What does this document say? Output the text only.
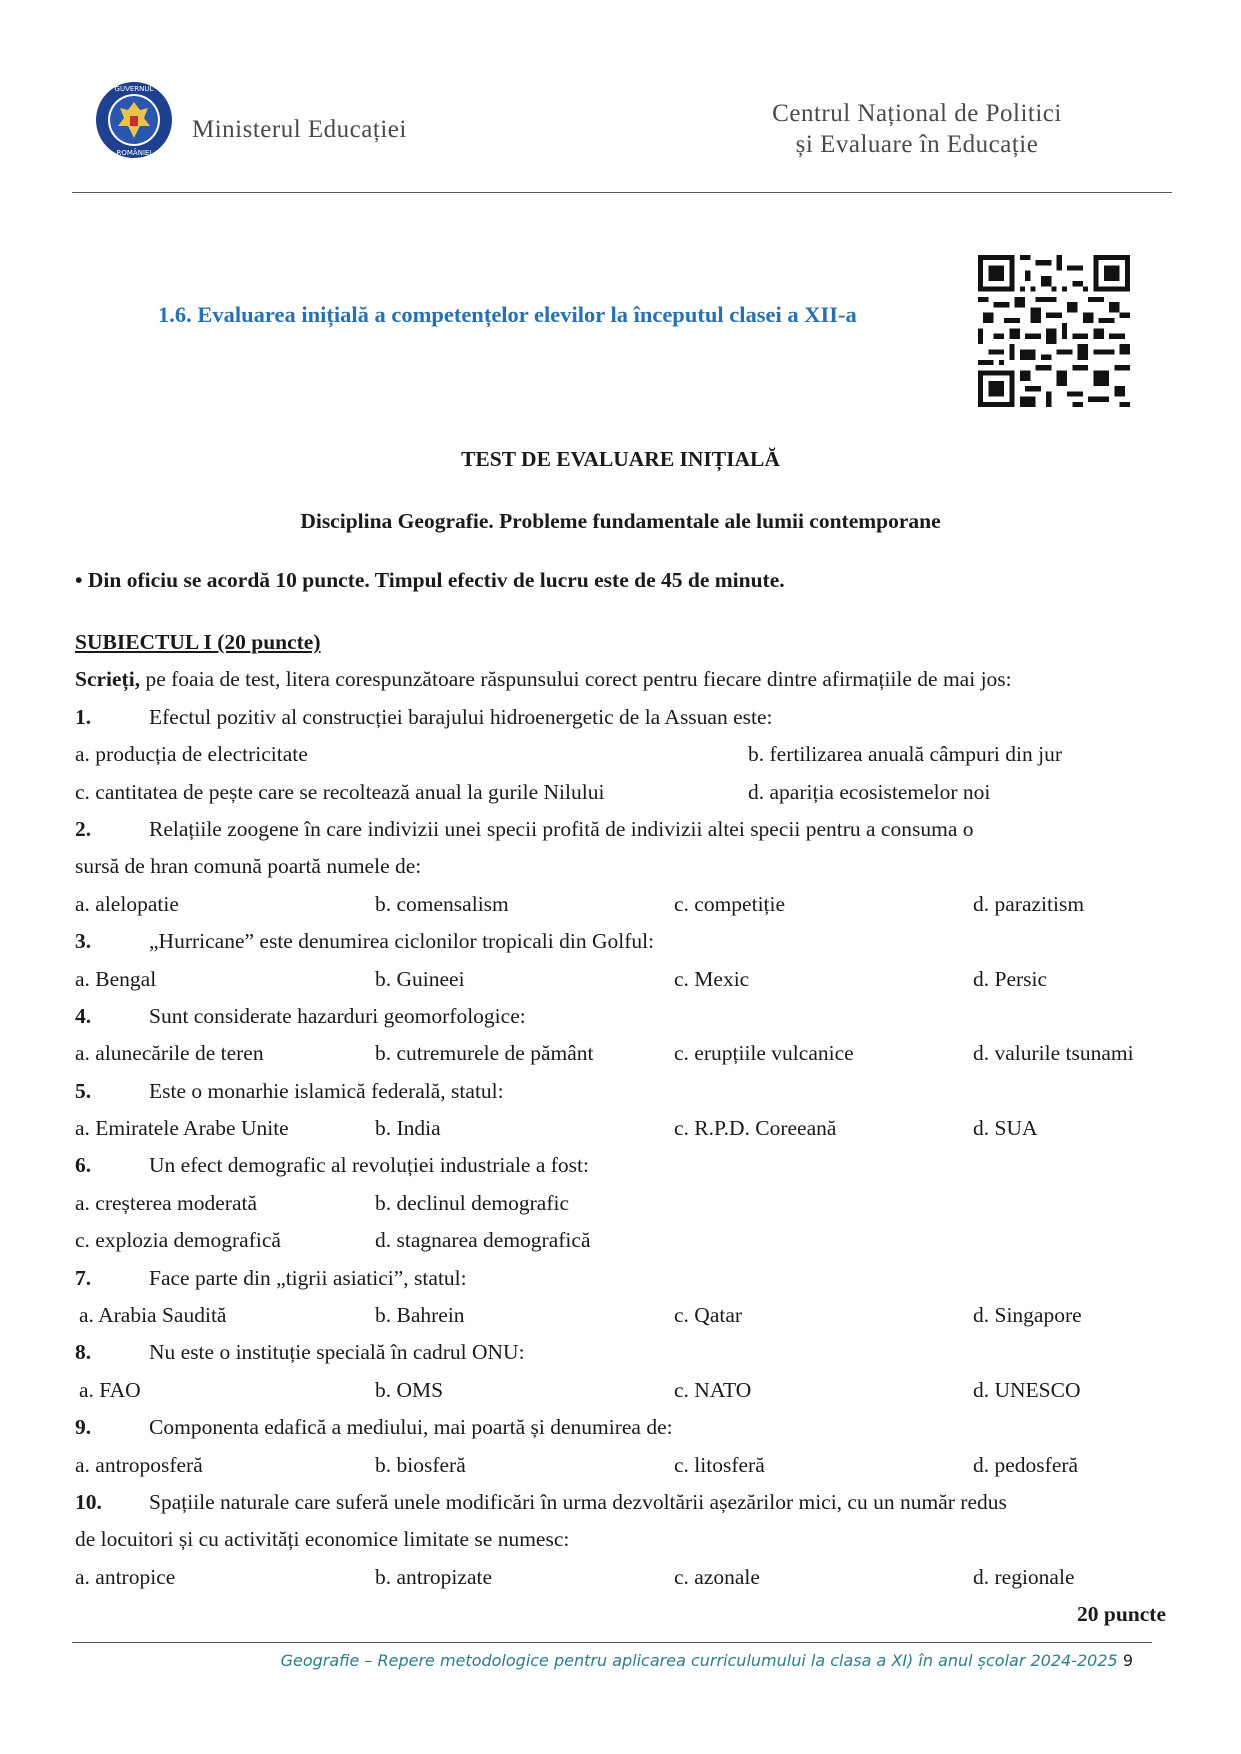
GUVERNUL
ROMÂNIEI
Ministerul Educației
Centrul Național de Politici
și Evaluare în Educație
1.6. Evaluarea inițială a competențelor elevilor la începutul clasei a XII-a
TEST DE EVALUARE INIȚIALĂ
Disciplina Geografie. Probleme fundamentale ale lumii contemporane
• Din oficiu se acordă 10 puncte. Timpul efectiv de lucru este de 45 de minute.
SUBIECTUL I (20 puncte)
Scrieți, pe foaia de test, litera corespunzătoare răspunsului corect pentru fiecare dintre afirmațiile de mai jos:
1.	Efectul pozitiv al construcției barajului hidroenergetic de la Assuan este:
a. producția de electricitate	b. fertilizarea anuală câmpuri din jur
c. cantitatea de pește care se recoltează anual la gurile Nilului	d. apariția ecosistemelor noi
2.	Relațiile zoogene în care indivizii unei specii profită de indivizii altei specii pentru a consuma o
sursă de hran comună poartă numele de:
a. alelopatie	b. comensalism	c. competiție	d. parazitism
3.	„Hurricane” este denumirea ciclonilor tropicali din Golful:
a. Bengal	b. Guineei	c. Mexic	d. Persic
4.	Sunt considerate hazarduri geomorfologice:
a. alunecările de teren	b. cutremurele de pământ	c. erupțiile vulcanice	d. valurile tsunami
5.	Este o monarhie islamică federală, statul:
a. Emiratele Arabe Unite	b. India	c. R.P.D. Coreeană	d. SUA
6.	Un efect demografic al revoluției industriale a fost:
a. creșterea moderată	b. declinul demografic
c. explozia demografică	d. stagnarea demografică
7.	Face parte din „tigrii asiatici”, statul:
a. Arabia Saudită	b. Bahrein	c. Qatar	d. Singapore
8.	Nu este o instituție specială în cadrul ONU:
a. FAO	b. OMS	c. NATO	d. UNESCO
9.	Componenta edafică a mediului, mai poartă și denumirea de:
a. antroposferă	b. biosferă	c. litosferă	d. pedosferă
10. Spațiile naturale care suferă unele modificări în urma dezvoltării așezărilor mici, cu un număr redus
de locuitori și cu activități economice limitate se numesc:
a. antropice	b. antropizate	c. azonale	d. regionale
20 puncte
Geografie – Repere metodologice pentru aplicarea curriculumului la clasa a XI) în anul școlar 2024-2025 9
